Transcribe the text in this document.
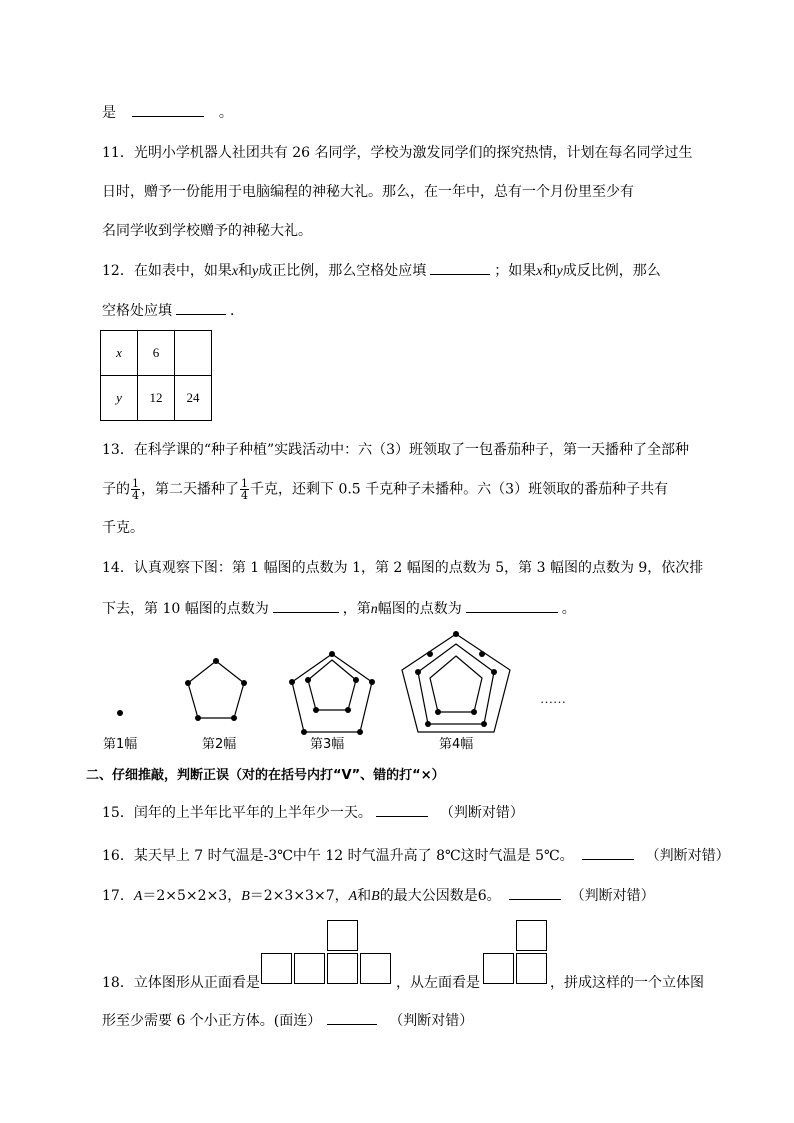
是	。
11．光明小学机器人社团共有 26 名同学，学校为激发同学们的探究热情，计划在每名同学过生
日时，赠予一份能用于电脑编程的神秘大礼。那么，在一年中，总有一个月份里至少有
名同学收到学校赠予的神秘大礼。
12．在如表中，如果x和y成正比例，那么空格处应填	；如果x和y成反比例，那么
空格处应填	．
x	6	
y	12	24
13．在科学课的“种子种植”实践活动中：六（3）班领取了一包番茄种子，第一天播种了全部种
子的 $\frac{1}{4}$ ，第二天播种了 $\frac{1}{4}$ 千克，还剩下 0.5 千克种子未播种。六（3）班领取的番茄种子共有
千克。
14．认真观察下图：第 1 幅图的点数为 1，第 2 幅图的点数为 5，第 3 幅图的点数为 9，依次排
下去，第 10 幅图的点数为	，第n幅图的点数为	。
……
第1幅	第2幅	第3幅	第4幅
二、仔细推敲，判断正误（对的在括号内打“V”、错的打“×）
15．闰年的上半年比平年的上半年少一天。	（判断对错）
16．某天早上 7 时气温是-3℃中午 12 时气温升高了 8℃这时气温是 5℃。	（判断对错）
17．A＝2×5×2×3，B＝2×3×3×7，A和B的最大公因数是6。	（判断对错）
18．立体图形从正面看是	，从左面看是	，拼成这样的一个立体图
形至少需要 6 个小正方体。(面连）	（判断对错）
